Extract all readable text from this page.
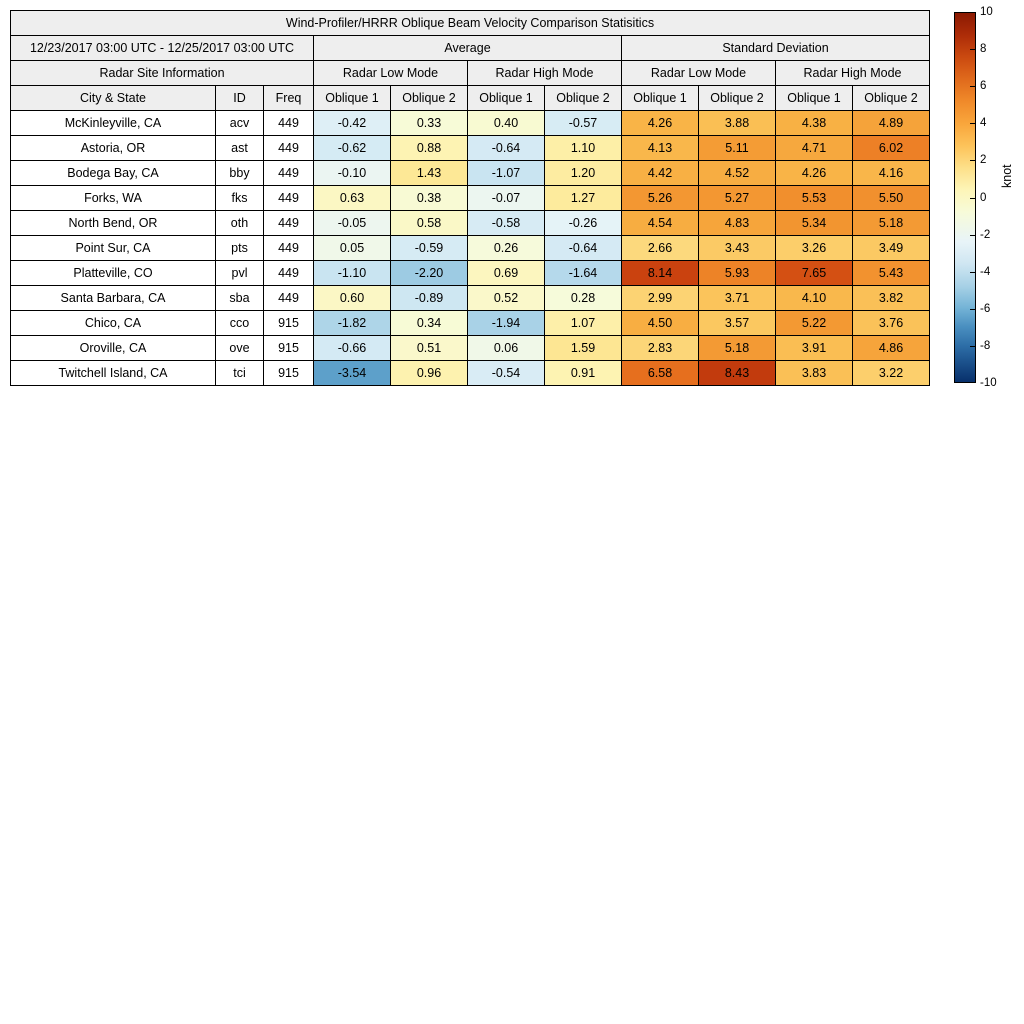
Wind-Profiler/HRRR Oblique Beam Velocity Comparison Statisitics										
12/23/2017 03:00 UTC - 12/25/2017 03:00 UTC			Average				Standard Deviation			
Radar Site Information			Radar Low Mode		Radar High Mode		Radar Low Mode		Radar High Mode	
City & State	ID	Freq	Oblique 1	Oblique 2	Oblique 1	Oblique 2	Oblique 1	Oblique 2	Oblique 1	Oblique 2
McKinleyville, CA	acv	449	-0.42	0.33	0.40	-0.57	4.26	3.88	4.38	4.89
Astoria, OR	ast	449	-0.62	0.88	-0.64	1.10	4.13	5.11	4.71	6.02
Bodega Bay, CA	bby	449	-0.10	1.43	-1.07	1.20	4.42	4.52	4.26	4.16
Forks, WA	fks	449	0.63	0.38	-0.07	1.27	5.26	5.27	5.53	5.50
North Bend, OR	oth	449	-0.05	0.58	-0.58	-0.26	4.54	4.83	5.34	5.18
Point Sur, CA	pts	449	0.05	-0.59	0.26	-0.64	2.66	3.43	3.26	3.49
Platteville, CO	pvl	449	-1.10	-2.20	0.69	-1.64	8.14	5.93	7.65	5.43
Santa Barbara, CA	sba	449	0.60	-0.89	0.52	0.28	2.99	3.71	4.10	3.82
Chico, CA	cco	915	-1.82	0.34	-1.94	1.07	4.50	3.57	5.22	3.76
Oroville, CA	ove	915	-0.66	0.51	0.06	1.59	2.83	5.18	3.91	4.86
Twitchell Island, CA	tci	915	-3.54	0.96	-0.54	0.91	6.58	8.43	3.83	3.22
knot
10
8
6
4
2
0
-2
-4
-6
-8
-10
